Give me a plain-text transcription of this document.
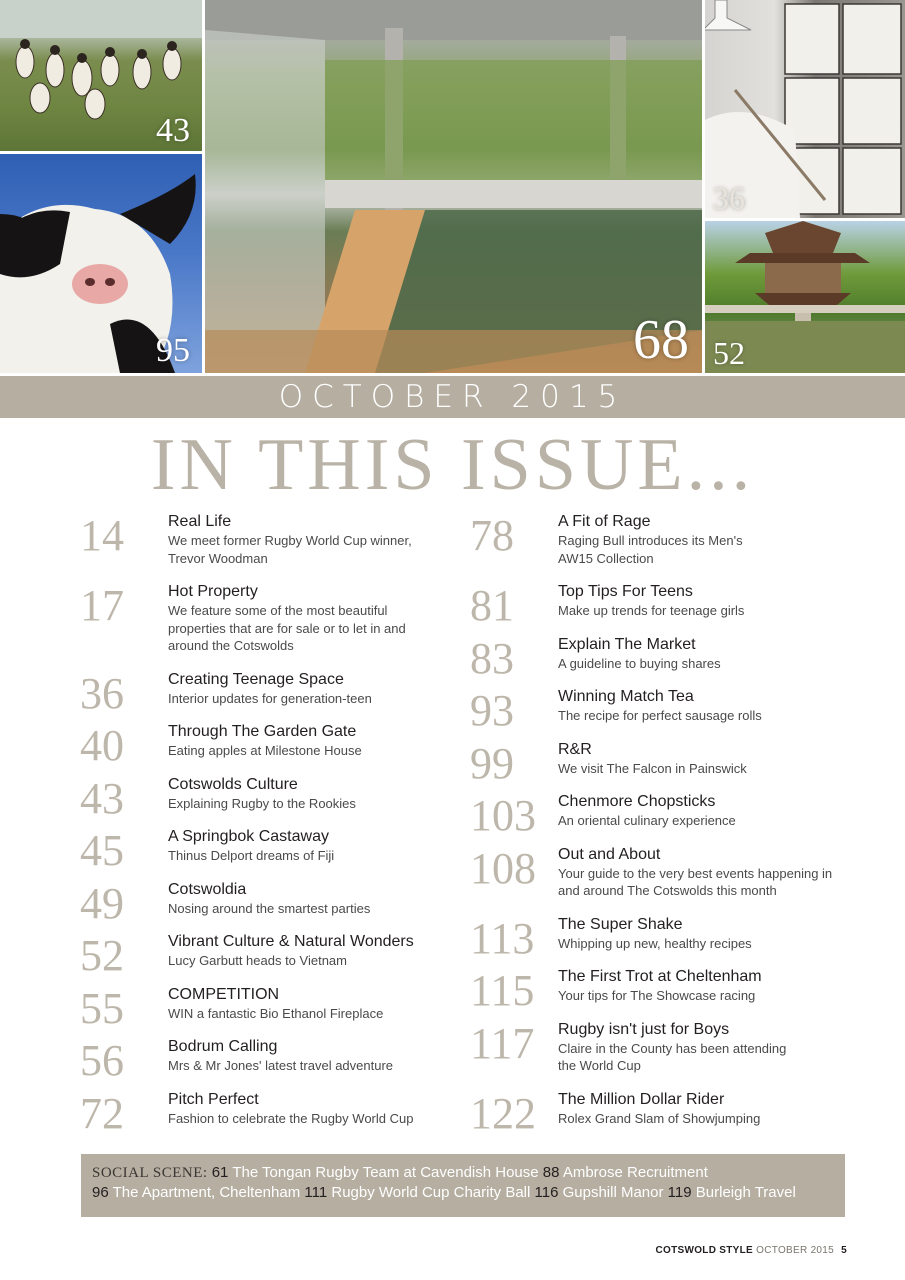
43
95	68
36
52
OCTOBER 2015
IN THIS ISSUE...
14	Real Life
We meet former Rugby World Cup winner, Trevor Woodman
17	Hot Property
We feature some of the most beautiful properties that are for sale or to let in and around the Cotswolds
36	Creating Teenage Space
Interior updates for generation-teen
40	Through The Garden Gate
Eating apples at Milestone House
43	Cotswolds Culture
Explaining Rugby to the Rookies
45	A Springbok Castaway
Thinus Delport dreams of Fiji
49	Cotswoldia
Nosing around the smartest parties
52	Vibrant Culture & Natural Wonders
Lucy Garbutt heads to Vietnam
55	COMPETITION
WIN a fantastic Bio Ethanol Fireplace
56	Bodrum Calling
Mrs & Mr Jones' latest travel adventure
72	Pitch Perfect
Fashion to celebrate the Rugby World Cup
78	A Fit of Rage
Raging Bull introduces its Men's AW15 Collection
81	Top Tips For Teens
Make up trends for teenage girls
83	Explain The Market
A guideline to buying shares
93	Winning Match Tea
The recipe for perfect sausage rolls
99	R&R
We visit The Falcon in Painswick
103 Chenmore Chopsticks
An oriental culinary experience
108 Out and About
Your guide to the very best events happening in and around The Cotswolds this month
113 The Super Shake
Whipping up new, healthy recipes
115 The First Trot at Cheltenham
Your tips for The Showcase racing
117 Rugby isn't just for Boys
Claire in the County has been attending the World Cup
122 The Million Dollar Rider
Rolex Grand Slam of Showjumping
SOCIAL SCENE: 61 The Tongan Rugby Team at Cavendish House 88 Ambrose Recruitment
96 The Apartment, Cheltenham 111 Rugby World Cup Charity Ball 116 Gupshill Manor 119 Burleigh Travel
COTSWOLD STYLE OCTOBER 2015 5
